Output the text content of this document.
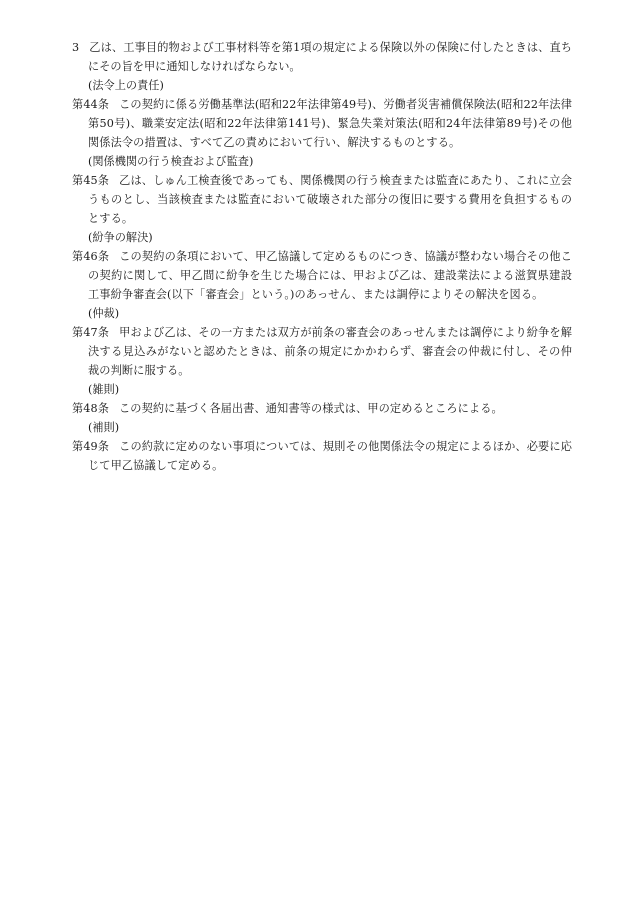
3 乙は、工事目的物および工事材料等を第1項の規定による保険以外の保険に付したときは、直ちにその旨を甲に通知しなければならない。

(法令上の責任)

第44条 この契約に係る労働基準法(昭和22年法律第49号)、労働者災害補償保険法(昭和22年法律第50号)、職業安定法(昭和22年法律第141号)、緊急失業対策法(昭和24年法律第89号)その他関係法令の措置は、すべて乙の責めにおいて行い、解決するものとする。

(関係機関の行う検査および監査)

第45条 乙は、しゅん工検査後であっても、関係機関の行う検査または監査にあたり、これに立会うものとし、当該検査または監査において破壊された部分の復旧に要する費用を負担するものとする。

(紛争の解決)

第46条 この契約の条項において、甲乙協議して定めるものにつき、協議が整わない場合その他この契約に関して、甲乙間に紛争を生じた場合には、甲および乙は、建設業法による滋賀県建設工事紛争審査会(以下「審査会」という。)のあっせん、または調停によりその解決を図る。

(仲裁)

第47条 甲および乙は、その一方または双方が前条の審査会のあっせんまたは調停により紛争を解決する見込みがないと認めたときは、前条の規定にかかわらず、審査会の仲裁に付し、その仲裁の判断に服する。

(雑則)

第48条 この契約に基づく各届出書、通知書等の様式は、甲の定めるところによる。

(補則)

第49条 この約款に定めのない事項については、規則その他関係法令の規定によるほか、必要に応じて甲乙協議して定める。
